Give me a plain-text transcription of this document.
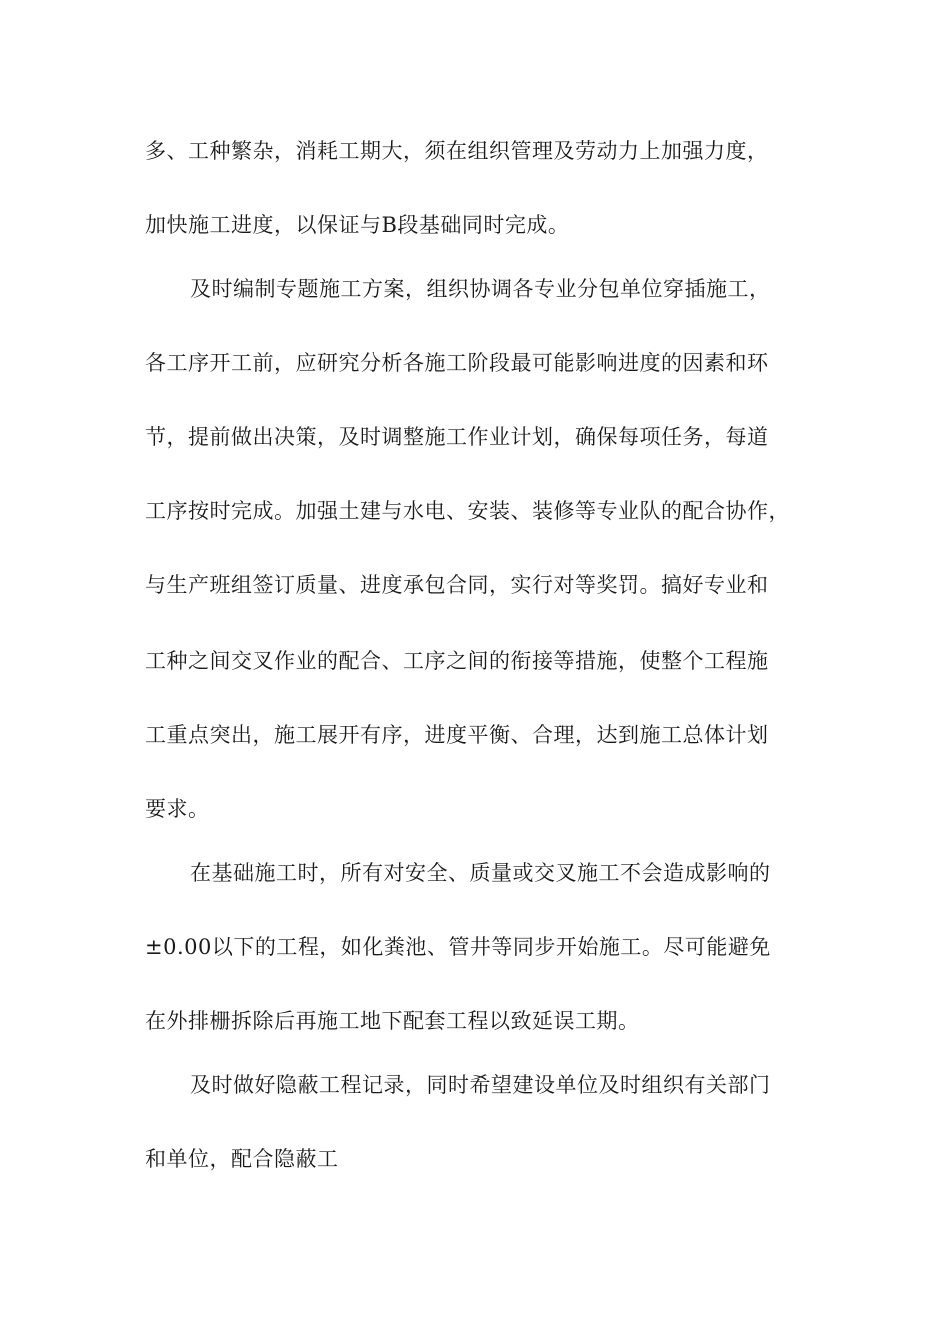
多、工种繁杂，消耗工期大，须在组织管理及劳动力上加强力度，
加快施工进度，以保证与B段基础同时完成。
及时编制专题施工方案，组织协调各专业分包单位穿插施工，
各工序开工前，应研究分析各施工阶段最可能影响进度的因素和环
节，提前做出决策，及时调整施工作业计划，确保每项任务，每道
工序按时完成。加强土建与水电、安装、装修等专业队的配合协作，
与生产班组签订质量、进度承包合同，实行对等奖罚。搞好专业和
工种之间交叉作业的配合、工序之间的衔接等措施，使整个工程施
工重点突出，施工展开有序，进度平衡、合理，达到施工总体计划
要求。
在基础施工时，所有对安全、质量或交叉施工不会造成影响的
±0.00以下的工程，如化粪池、管井等同步开始施工。尽可能避免
在外排栅拆除后再施工地下配套工程以致延误工期。
及时做好隐蔽工程记录，同时希望建设单位及时组织有关部门
和单位，配合隐蔽工
